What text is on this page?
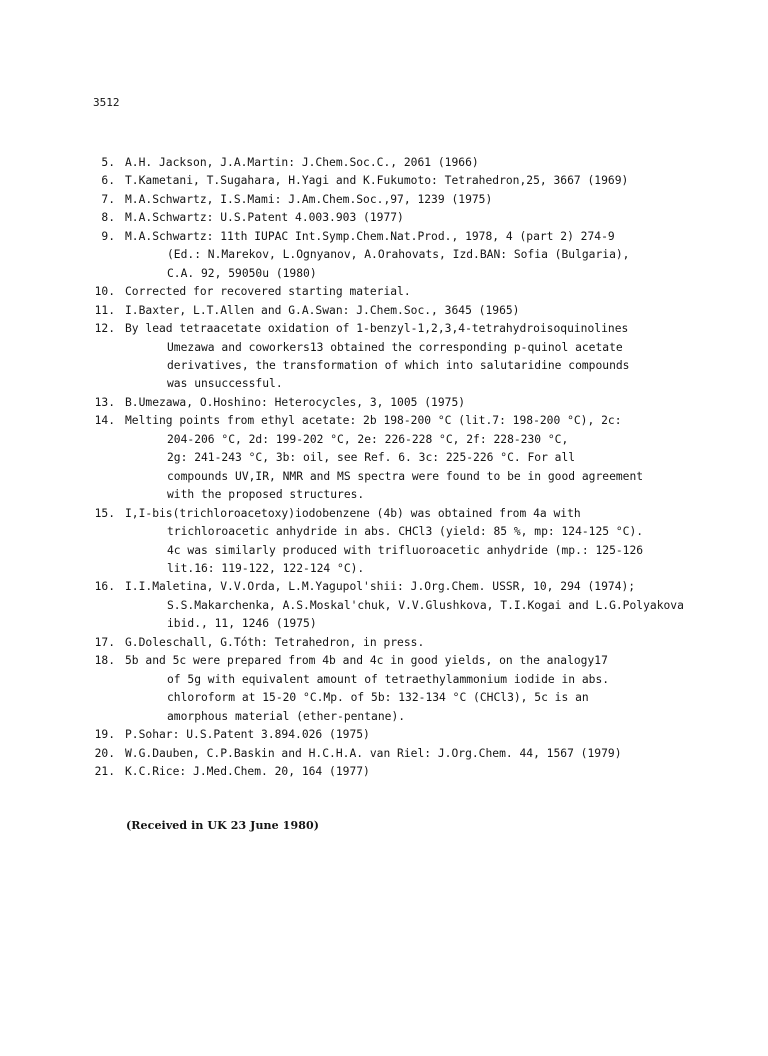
3512
5. A.H. Jackson, J.A.Martin: J.Chem.Soc.C., 2061 (1966)
6. T.Kametani, T.Sugahara, H.Yagi and K.Fukumoto: Tetrahedron,25, 3667 (1969)
7. M.A.Schwartz, I.S.Mami: J.Am.Chem.Soc.,97, 1239 (1975)
8. M.A.Schwartz: U.S.Patent 4.003.903 (1977)
9. M.A.Schwartz: 11th IUPAC Int.Symp.Chem.Nat.Prod., 1978, 4 (part 2) 274-9
(Ed.: N.Marekov, L.Ognyanov, A.Orahovats, Izd.BAN: Sofia (Bulgaria),
C.A. 92, 59050u (1980)
10. Corrected for recovered starting material.
11. I.Baxter, L.T.Allen and G.A.Swan: J.Chem.Soc., 3645 (1965)
12. By lead tetraacetate oxidation of 1-benzyl-1,2,3,4-tetrahydroisoquinolines
Umezawa and coworkers13 obtained the corresponding p-quinol acetate
derivatives, the transformation of which into salutaridine compounds
was unsuccessful.
13. B.Umezawa, O.Hoshino: Heterocycles, 3, 1005 (1975)
14. Melting points from ethyl acetate: 2b 198-200 °C (lit.7: 198-200 °C), 2c:
204-206 °C, 2d: 199-202 °C, 2e: 226-228 °C, 2f: 228-230 °C,
2g: 241-243 °C, 3b: oil, see Ref. 6. 3c: 225-226 °C. For all
compounds UV,IR, NMR and MS spectra were found to be in good agreement
with the proposed structures.
15. I,I-bis(trichloroacetoxy)iodobenzene (4b) was obtained from 4a with
trichloroacetic anhydride in abs. CHCl3 (yield: 85 %, mp: 124-125 °C).
4c was similarly produced with trifluoroacetic anhydride (mp.: 125-126
lit.16: 119-122, 122-124 °C).
16. I.I.Maletina, V.V.Orda, L.M.Yagupol'shii: J.Org.Chem. USSR, 10, 294 (1974);
S.S.Makarchenka, A.S.Moskal'chuk, V.V.Glushkova, T.I.Kogai and L.G.Polyakova
ibid., 11, 1246 (1975)
17. G.Doleschall, G.Tóth: Tetrahedron, in press.
18. 5b and 5c were prepared from 4b and 4c in good yields, on the analogy17
of 5g with equivalent amount of tetraethylammonium iodide in abs.
chloroform at 15-20 °C.Mp. of 5b: 132-134 °C (CHCl3), 5c is an
amorphous material (ether-pentane).
19. P.Sohar: U.S.Patent 3.894.026 (1975)
20. W.G.Dauben, C.P.Baskin and H.C.H.A. van Riel: J.Org.Chem. 44, 1567 (1979)
21. K.C.Rice: J.Med.Chem. 20, 164 (1977)
(Received in UK 23 June 1980)
